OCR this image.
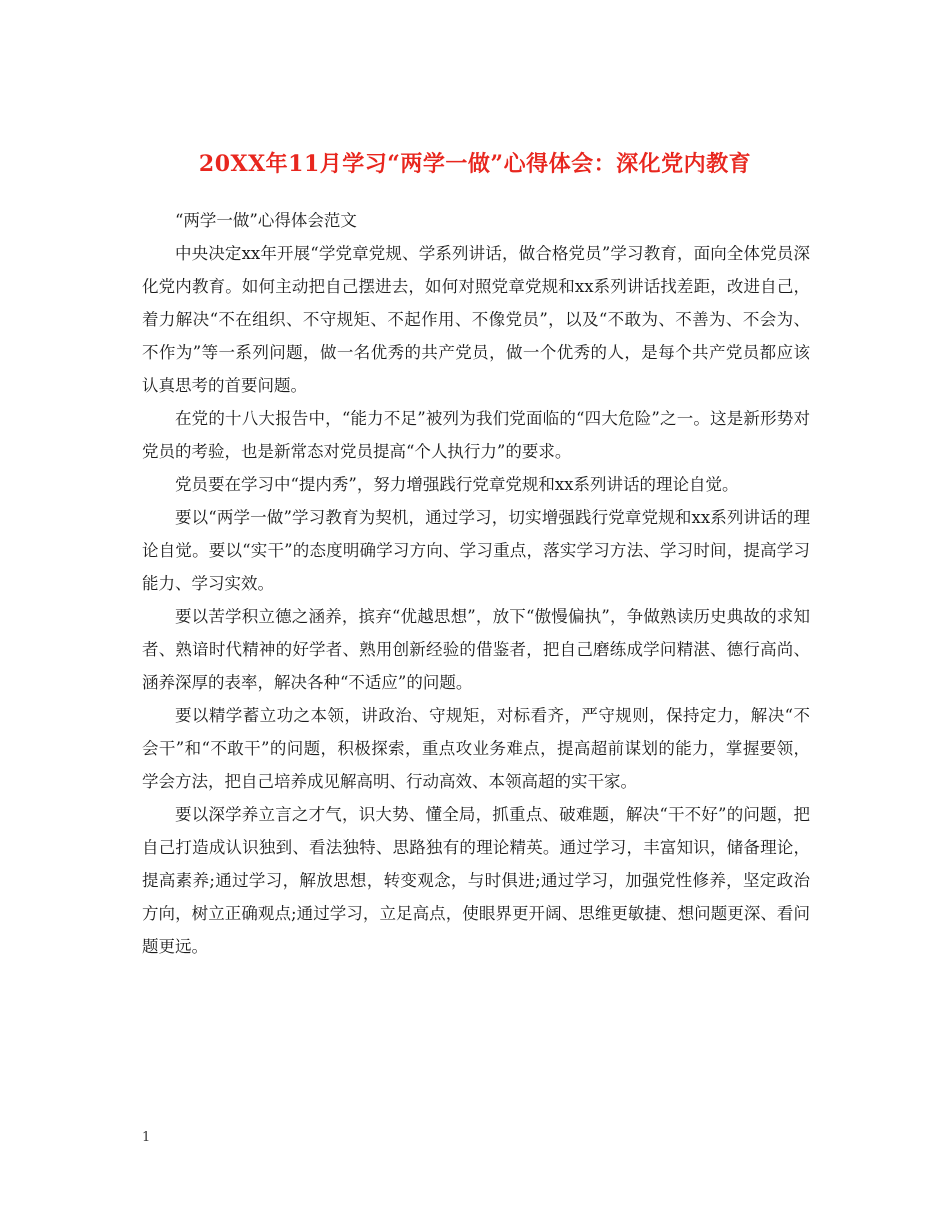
20XX年11月学习“两学一做”心得体会：深化党内教育

“两学一做”心得体会范文

中央决定xx年开展“学党章党规、学系列讲话，做合格党员”学习教育，面向全体党员深化党内教育。如何主动把自己摆进去，如何对照党章党规和xx系列讲话找差距，改进自己，着力解决“不在组织、不守规矩、不起作用、不像党员”，以及“不敢为、不善为、不会为、不作为”等一系列问题，做一名优秀的共产党员，做一个优秀的人，是每个共产党员都应该认真思考的首要问题。

在党的十八大报告中，“能力不足”被列为我们党面临的“四大危险”之一。这是新形势对党员的考验，也是新常态对党员提高“个人执行力”的要求。

党员要在学习中“提内秀”，努力增强践行党章党规和xx系列讲话的理论自觉。

要以“两学一做”学习教育为契机，通过学习，切实增强践行党章党规和xx系列讲话的理论自觉。要以“实干”的态度明确学习方向、学习重点，落实学习方法、学习时间，提高学习能力、学习实效。

要以苦学积立德之涵养，摈弃“优越思想”，放下“傲慢偏执”，争做熟读历史典故的求知者、熟谙时代精神的好学者、熟用创新经验的借鉴者，把自己磨练成学问精湛、德行高尚、涵养深厚的表率，解决各种“不适应”的问题。

要以精学蓄立功之本领，讲政治、守规矩，对标看齐，严守规则，保持定力，解决“不会干”和“不敢干”的问题，积极探索，重点攻业务难点，提高超前谋划的能力，掌握要领，学会方法，把自己培养成见解高明、行动高效、本领高超的实干家。

要以深学养立言之才气，识大势、懂全局，抓重点、破难题，解决“干不好”的问题，把自己打造成认识独到、看法独特、思路独有的理论精英。通过学习，丰富知识，储备理论，提高素养;通过学习，解放思想，转变观念，与时俱进;通过学习，加强党性修养，坚定政治方向，树立正确观点;通过学习，立足高点，使眼界更开阔、思维更敏捷、想问题更深、看问题更远。

1
